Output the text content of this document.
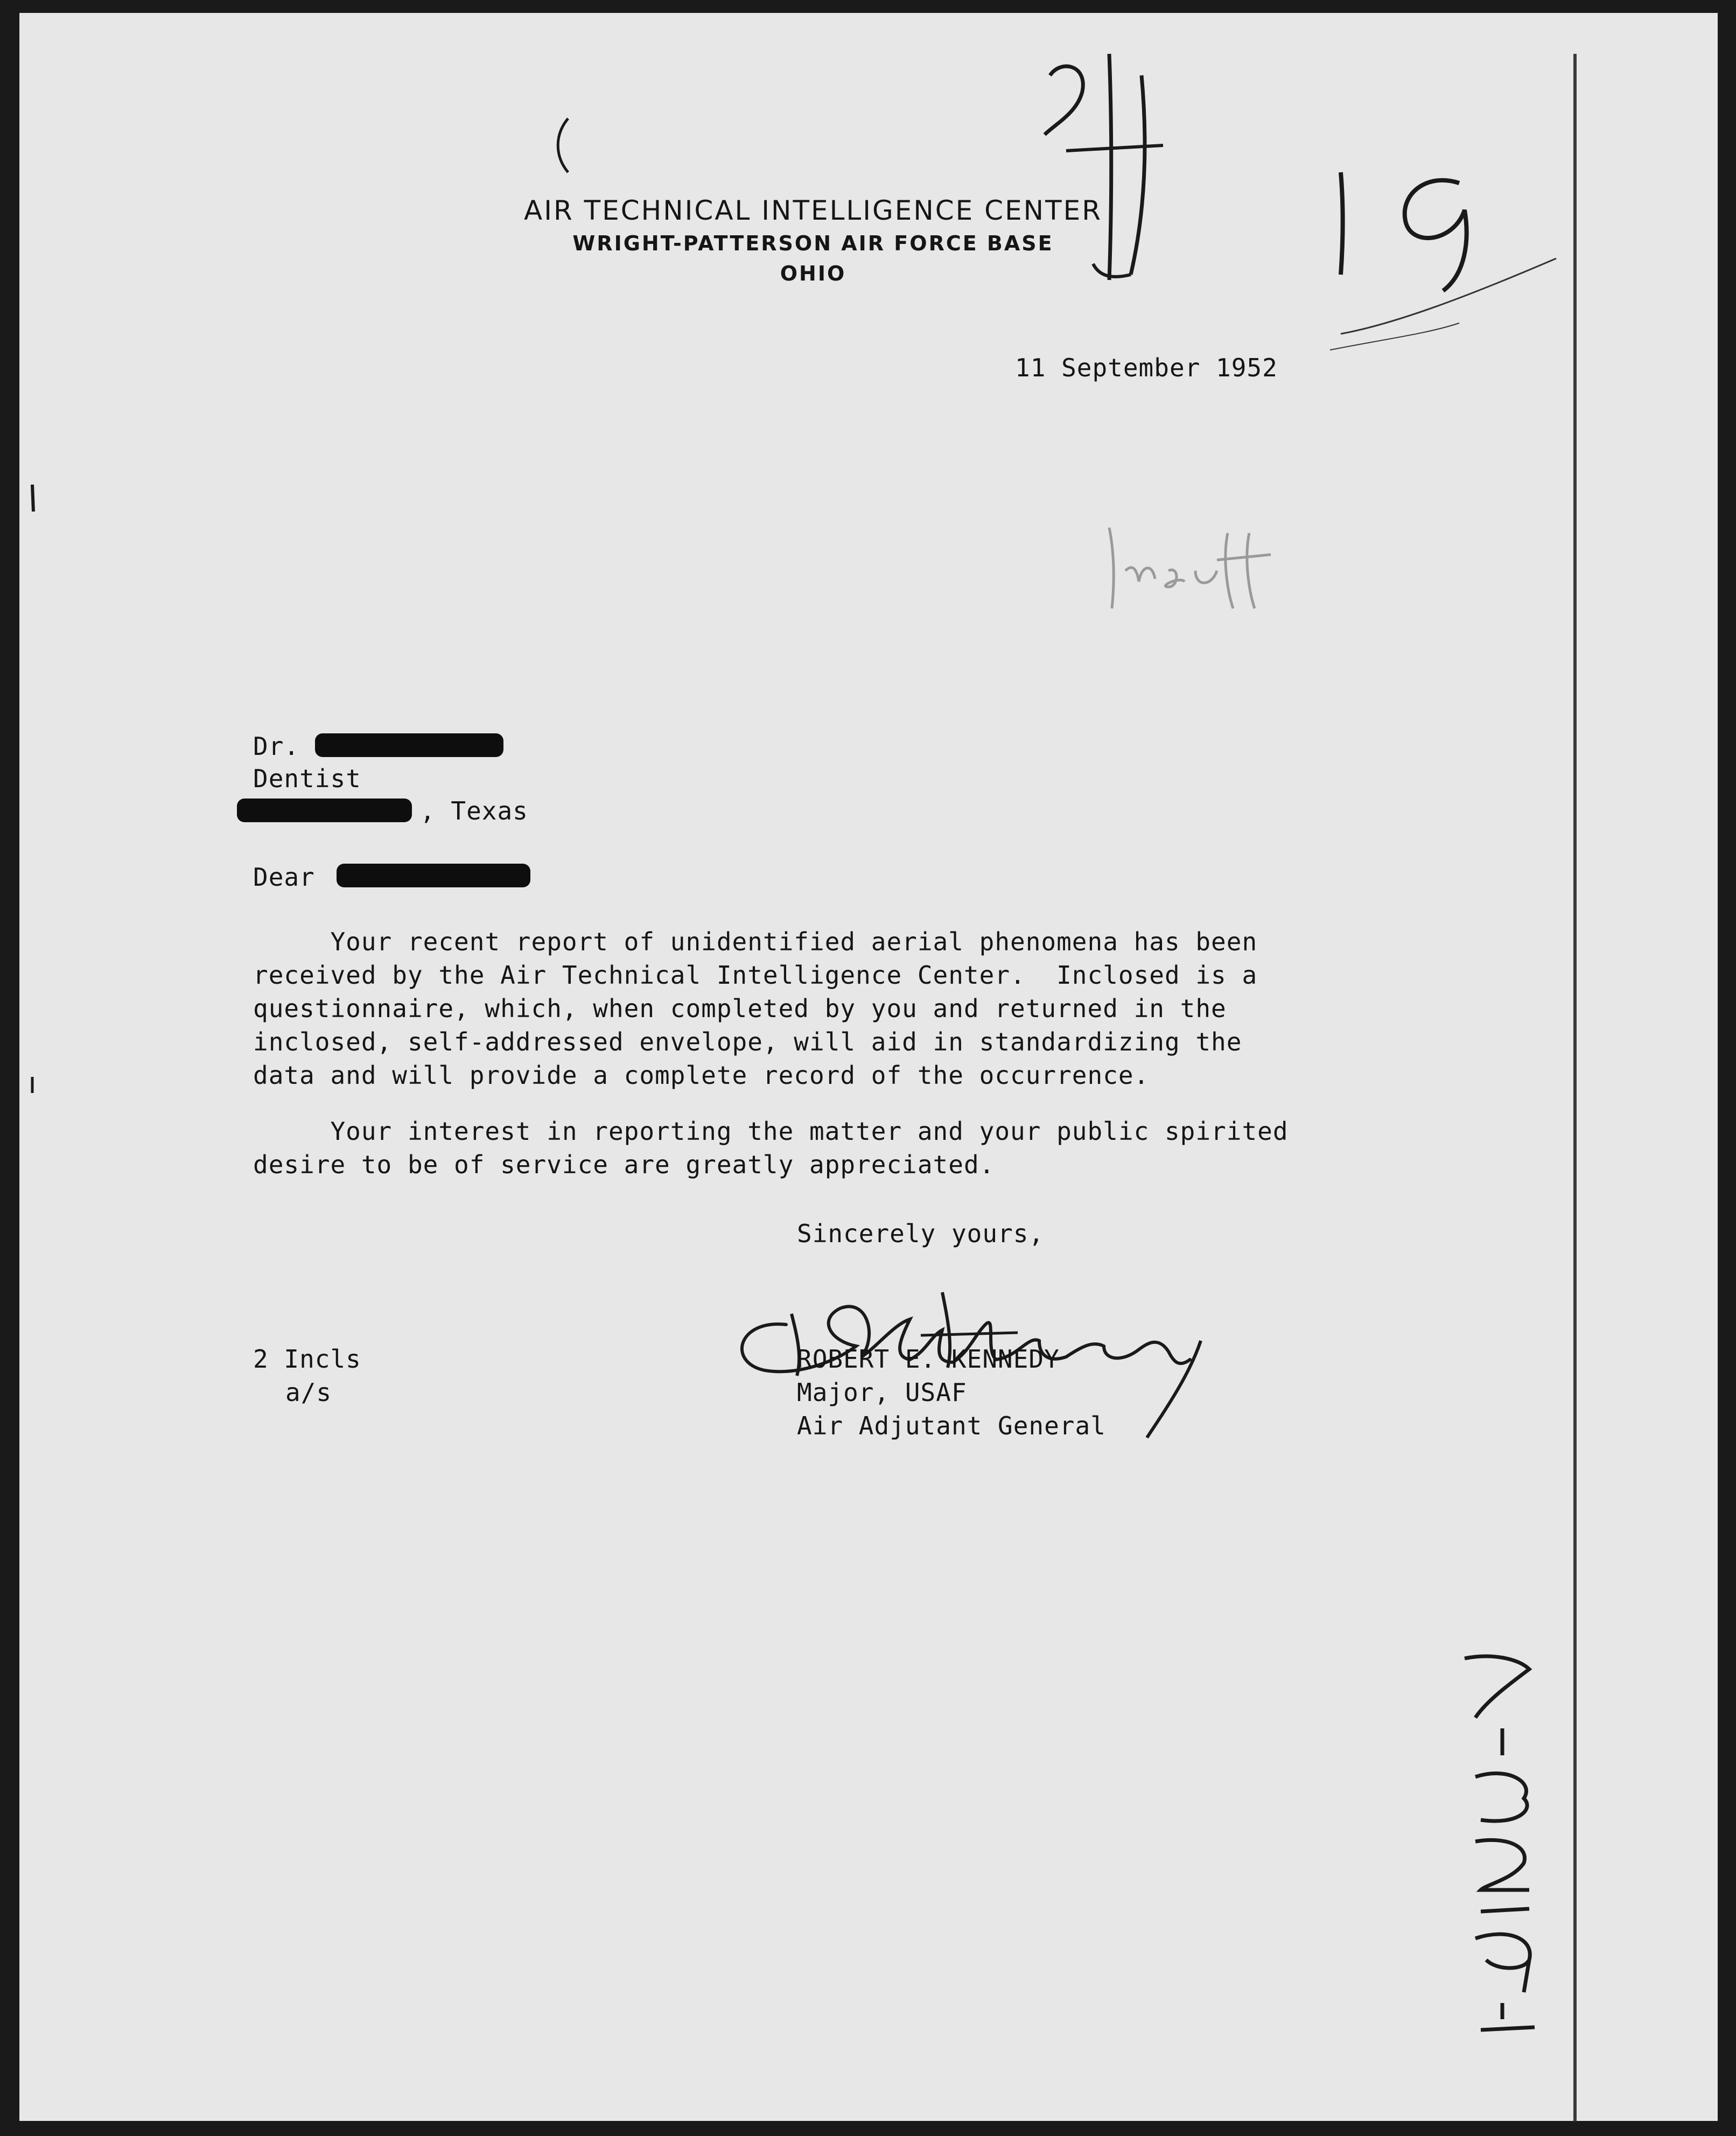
AIR TECHNICAL INTELLIGENCE CENTER
WRIGHT-PATTERSON AIR FORCE BASE
OHIO
11 September 1952
Dr.
Dentist
, Texas
Dear
Your recent report of unidentified aerial phenomena has been
received by the Air Technical Intelligence Center.  Inclosed is a
questionnaire, which, when completed by you and returned in the
inclosed, self-addressed envelope, will aid in standardizing the
data and will provide a complete record of the occurrence.
Your interest in reporting the matter and your public spirited
desire to be of service are greatly appreciated.
Sincerely yours,
ROBERT E. KENNEDY
Major, USAF
Air Adjutant General
2 Incls
a/s
